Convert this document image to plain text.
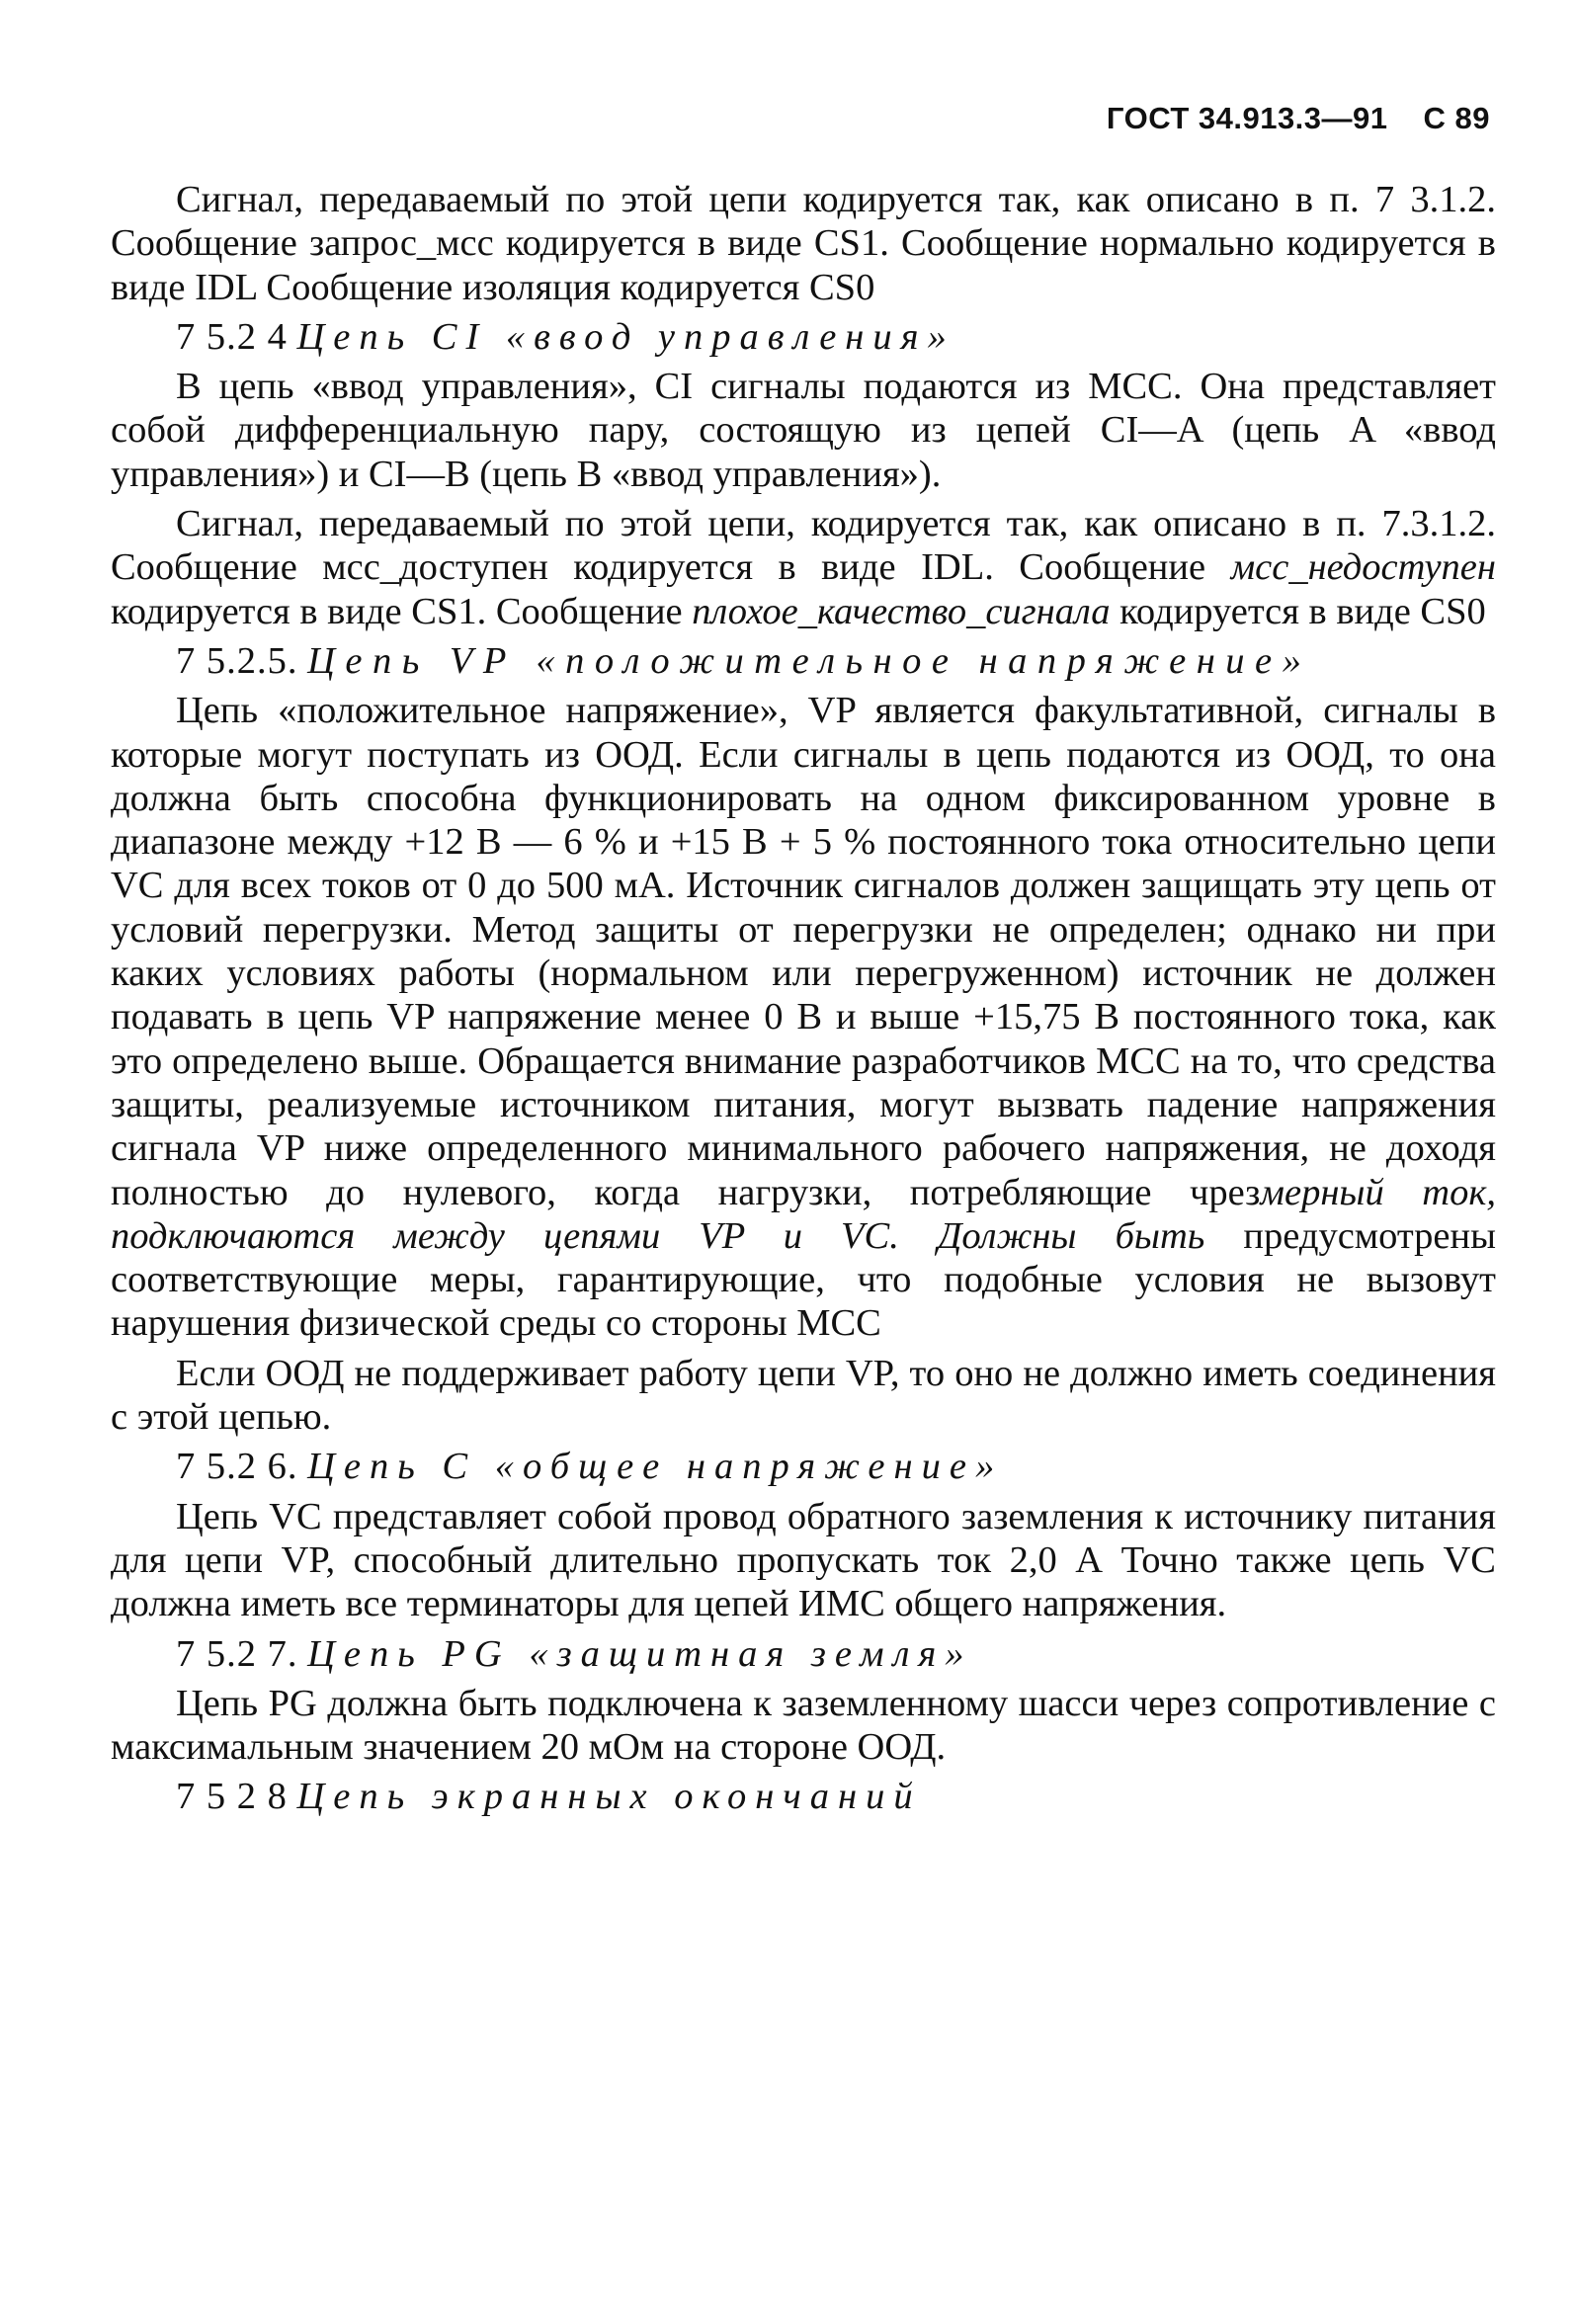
ГОСТ 34.913.3—91 С 89

Сигнал, передаваемый по этой цепи кодируется так, как описано в п. 7 3.1.2. Сообщение запрос_мсс кодируется в виде CS1. Сообщение нормально кодируется в виде IDL Сообщение изоляция кодируется CS0

7 5.2 4 Цепь CI «ввод управления»

В цепь «ввод управления», CI сигналы подаются из МСС. Она представляет собой дифференциальную пару, состоящую из цепей CI—A (цепь A «ввод управления») и CI—B (цепь B «ввод управления»).

Сигнал, передаваемый по этой цепи, кодируется так, как описано в п. 7.3.1.2. Сообщение мсс_доступен кодируется в виде IDL. Сообщение мсс_недоступен кодируется в виде CS1. Сообщение плохое_качество_сигнала кодируется в виде CS0

7 5.2.5. Цепь VP «положительное напряжение»

Цепь «положительное напряжение», VP является факультативной, сигналы в которые могут поступать из ООД. Если сигналы в цепь подаются из ООД, то она должна быть способна функционировать на одном фиксированном уровне в диапазоне между +12 В — 6 % и +15 В + 5 % постоянного тока относительно цепи VC для всех токов от 0 до 500 мА. Источник сигналов должен защищать эту цепь от условий перегрузки. Метод защиты от перегрузки не определен; однако ни при каких условиях работы (нормальном или перегруженном) источник не должен подавать в цепь VP напряжение менее 0 В и выше +15,75 В постоянного тока, как это определено выше. Обращается внимание разработчиков МСС на то, что средства защиты, реализуемые источником питания, могут вызвать падение напряжения сигнала VP ниже определенного минимального рабочего напряжения, не доходя полностью до нулевого, когда нагрузки, потребляющие чрезмерный ток, подключаются между цепями VP и VC. Должны быть предусмотрены соответствующие меры, гарантирующие, что подобные условия не вызовут нарушения физической среды со стороны МСС

Если ООД не поддерживает работу цепи VP, то оно не должно иметь соединения с этой цепью.

7 5.2 6. Цепь C «общее напряжение»

Цепь VC представляет собой провод обратного заземления к источнику питания для цепи VP, способный длительно пропускать ток 2,0 А Точно также цепь VC должна иметь все терминаторы для цепей ИМС общего напряжения.

7 5.2 7. Цепь PG «защитная земля»

Цепь PG должна быть подключена к заземленному шасси через сопротивление с максимальным значением 20 мОм на стороне ООД.

7 5 2 8 Цепь экранных окончаний
